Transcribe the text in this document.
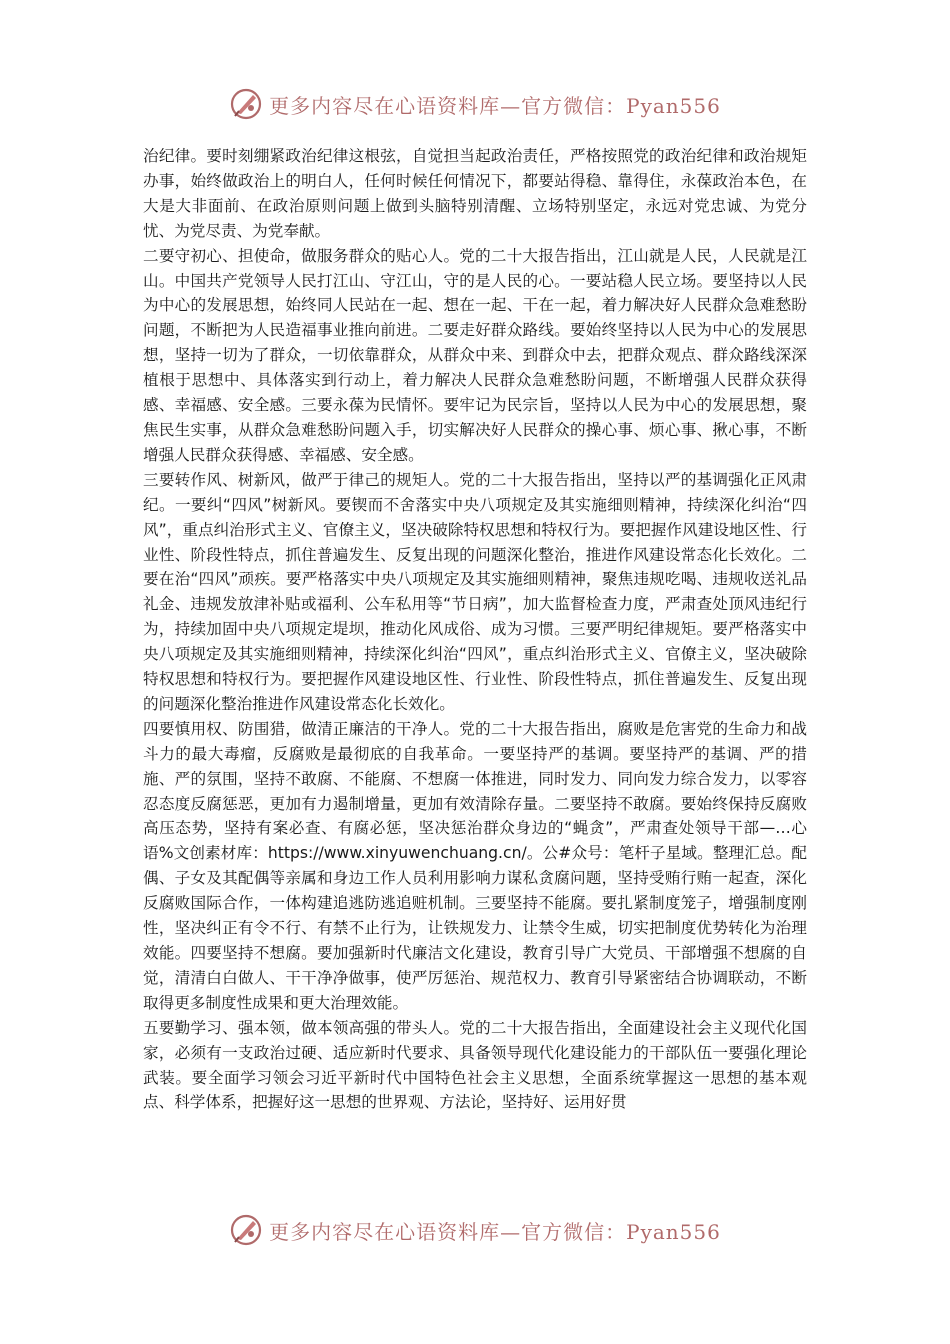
更多内容尽在心语资料库—官方微信：Pyan556

治纪律。要时刻绷紧政治纪律这根弦，自觉担当起政治责任，严格按照党的政治纪律和政治规矩办事，始终做政治上的明白人，任何时候任何情况下，都要站得稳、靠得住，永葆政治本色，在大是大非面前、在政治原则问题上做到头脑特别清醒、立场特别坚定，永远对党忠诚、为党分忧、为党尽责、为党奉献。

二要守初心、担使命，做服务群众的贴心人。党的二十大报告指出，江山就是人民，人民就是江山。中国共产党领导人民打江山、守江山，守的是人民的心。一要站稳人民立场。要坚持以人民为中心的发展思想，始终同人民站在一起、想在一起、干在一起，着力解决好人民群众急难愁盼问题，不断把为人民造福事业推向前进。二要走好群众路线。要始终坚持以人民为中心的发展思想，坚持一切为了群众，一切依靠群众，从群众中来、到群众中去，把群众观点、群众路线深深植根于思想中、具体落实到行动上，着力解决人民群众急难愁盼问题，不断增强人民群众获得感、幸福感、安全感。三要永葆为民情怀。要牢记为民宗旨，坚持以人民为中心的发展思想，聚焦民生实事，从群众急难愁盼问题入手，切实解决好人民群众的操心事、烦心事、揪心事，不断增强人民群众获得感、幸福感、安全感。

三要转作风、树新风，做严于律己的规矩人。党的二十大报告指出，坚持以严的基调强化正风肃纪。一要纠“四风”树新风。要锲而不舍落实中央八项规定及其实施细则精神，持续深化纠治“四风”，重点纠治形式主义、官僚主义，坚决破除特权思想和特权行为。要把握作风建设地区性、行业性、阶段性特点，抓住普遍发生、反复出现的问题深化整治，推进作风建设常态化长效化。二要在治“四风”顽疾。要严格落实中央八项规定及其实施细则精神，聚焦违规吃喝、违规收送礼品礼金、违规发放津补贴或福利、公车私用等“节日病”，加大监督检查力度，严肃查处顶风违纪行为，持续加固中央八项规定堤坝，推动化风成俗、成为习惯。三要严明纪律规矩。要严格落实中央八项规定及其实施细则精神，持续深化纠治“四风”，重点纠治形式主义、官僚主义，坚决破除特权思想和特权行为。要把握作风建设地区性、行业性、阶段性特点，抓住普遍发生、反复出现的问题深化整治推进作风建设常态化长效化。

四要慎用权、防围猎，做清正廉洁的干净人。党的二十大报告指出，腐败是危害党的生命力和战斗力的最大毒瘤，反腐败是最彻底的自我革命。一要坚持严的基调。要坚持严的基调、严的措施、严的氛围，坚持不敢腐、不能腐、不想腐一体推进，同时发力、同向发力综合发力，以零容忍态度反腐惩恶，更加有力遏制增量，更加有效清除存量。二要坚持不敢腐。要始终保持反腐败高压态势，坚持有案必查、有腐必惩，坚决惩治群众身边的“蝇贪”，严肃查处领导干部—…心语%文创素材库：https://www.xinyuwenchuang.cn/。公#众号：笔杆子星域。整理汇总。配偶、子女及其配偶等亲属和身边工作人员利用影响力谋私贪腐问题，坚持受贿行贿一起查，深化反腐败国际合作，一体构建追逃防逃追赃机制。三要坚持不能腐。要扎紧制度笼子，增强制度刚性，坚决纠正有令不行、有禁不止行为，让铁规发力、让禁令生威，切实把制度优势转化为治理效能。四要坚持不想腐。要加强新时代廉洁文化建设，教育引导广大党员、干部增强不想腐的自觉，清清白白做人、干干净净做事，使严厉惩治、规范权力、教育引导紧密结合协调联动，不断取得更多制度性成果和更大治理效能。

五要勤学习、强本领，做本领高强的带头人。党的二十大报告指出，全面建设社会主义现代化国家，必须有一支政治过硬、适应新时代要求、具备领导现代化建设能力的干部队伍一要强化理论武装。要全面学习领会习近平新时代中国特色社会主义思想，全面系统掌握这一思想的基本观点、科学体系，把握好这一思想的世界观、方法论，坚持好、运用好贯

更多内容尽在心语资料库—官方微信：Pyan556
